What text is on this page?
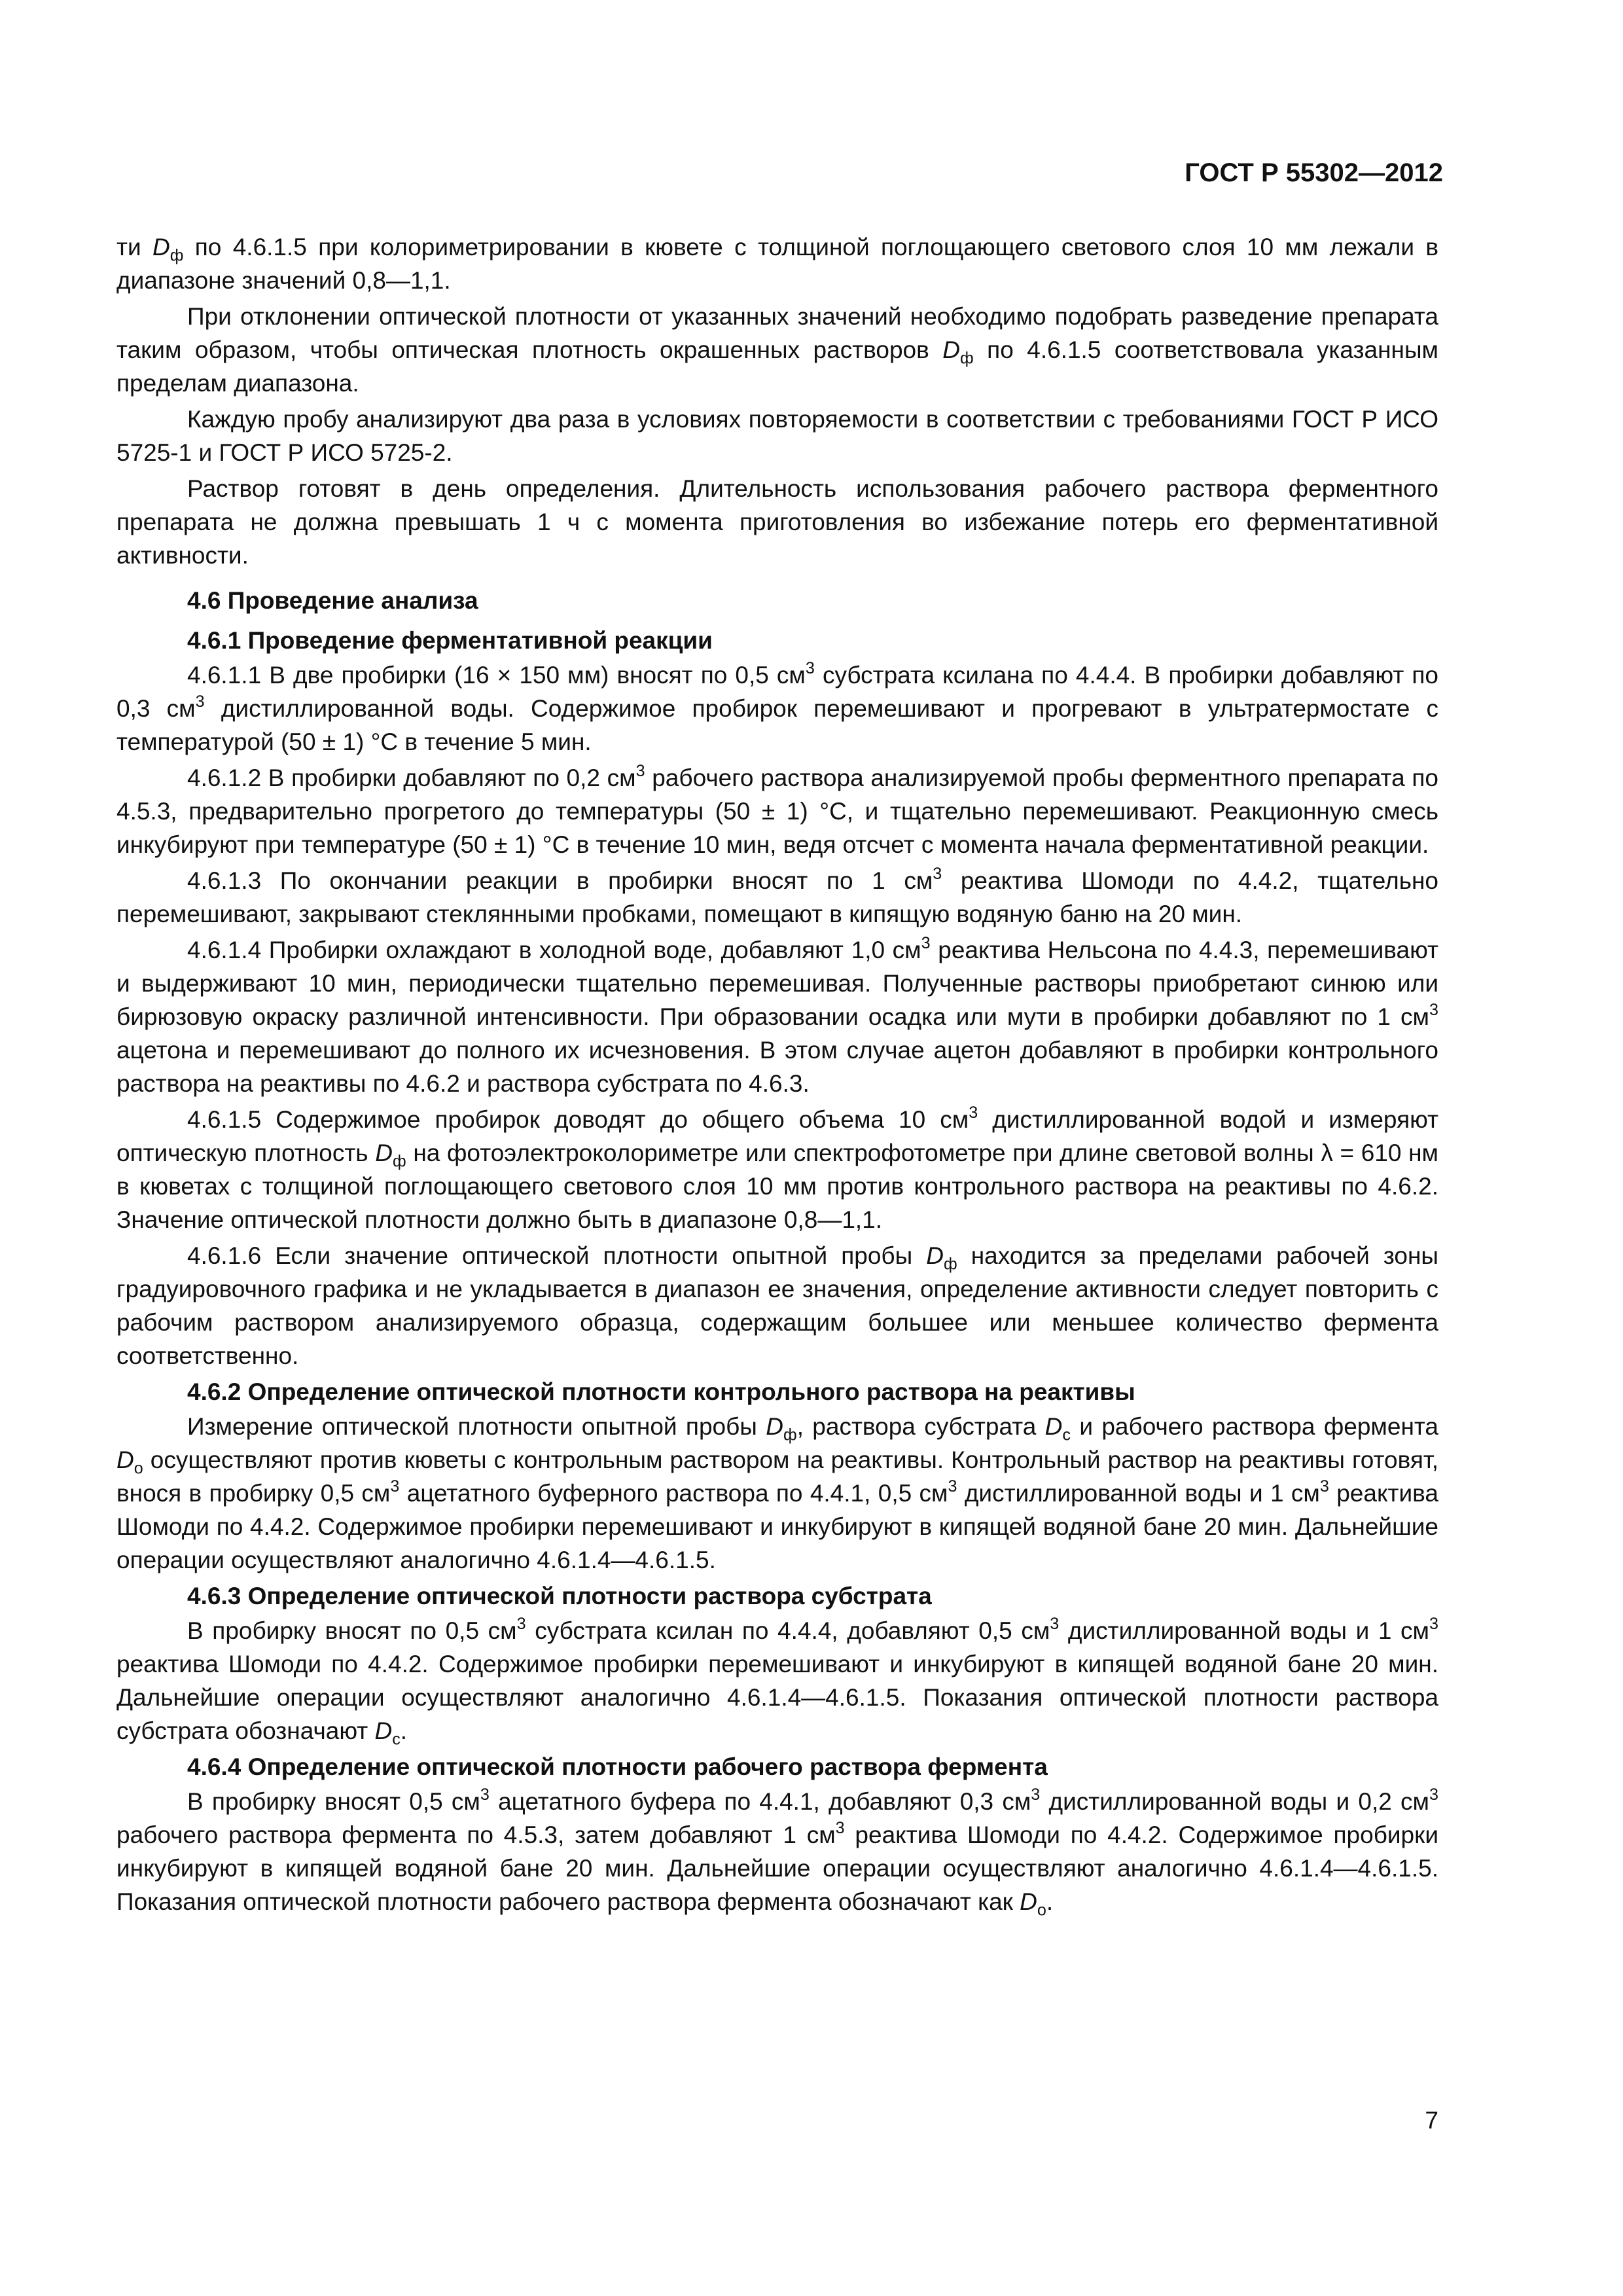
ГОСТ Р 55302—2012

ти $D_ф$ по 4.6.1.5 при колориметрировании в кювете с толщиной поглощающего светового слоя 10 мм лежали в диапазоне значений 0,8—1,1.

При отклонении оптической плотности от указанных значений необходимо подобрать разведение препарата таким образом, чтобы оптическая плотность окрашенных растворов $D_ф$ по 4.6.1.5 соответствовала указанным пределам диапазона.

Каждую пробу анализируют два раза в условиях повторяемости в соответствии с требованиями ГОСТ Р ИСО 5725-1 и ГОСТ Р ИСО 5725-2.

Раствор готовят в день определения. Длительность использования рабочего раствора ферментного препарата не должна превышать 1 ч с момента приготовления во избежание потерь его ферментативной активности.

4.6 Проведение анализа

4.6.1 Проведение ферментативной реакции

4.6.1.1 В две пробирки (16 × 150 мм) вносят по 0,5 $см^3$ субстрата ксилана по 4.4.4. В пробирки добавляют по 0,3 $см^3$ дистиллированной воды. Содержимое пробирок перемешивают и прогревают в ультратермостате с температурой (50 ± 1) °С в течение 5 мин.

4.6.1.2 В пробирки добавляют по 0,2 $см^3$ рабочего раствора анализируемой пробы ферментного препарата по 4.5.3, предварительно прогретого до температуры (50 ± 1) °С, и тщательно перемешивают. Реакционную смесь инкубируют при температуре (50 ± 1) °С в течение 10 мин, ведя отсчет с момента начала ферментативной реакции.

4.6.1.3 По окончании реакции в пробирки вносят по 1 $см^3$ реактива Шомоди по 4.4.2, тщательно перемешивают, закрывают стеклянными пробками, помещают в кипящую водяную баню на 20 мин.

4.6.1.4 Пробирки охлаждают в холодной воде, добавляют 1,0 $см^3$ реактива Нельсона по 4.4.3, перемешивают и выдерживают 10 мин, периодически тщательно перемешивая. Полученные растворы приобретают синюю или бирюзовую окраску различной интенсивности. При образовании осадка или мути в пробирки добавляют по 1 $см^3$ ацетона и перемешивают до полного их исчезновения. В этом случае ацетон добавляют в пробирки контрольного раствора на реактивы по 4.6.2 и раствора субстрата по 4.6.3.

4.6.1.5 Содержимое пробирок доводят до общего объема 10 $см^3$ дистиллированной водой и измеряют оптическую плотность $D_ф$ на фотоэлектроколориметре или спектрофотометре при длине световой волны λ = 610 нм в кюветах с толщиной поглощающего светового слоя 10 мм против контрольного раствора на реактивы по 4.6.2. Значение оптической плотности должно быть в диапазоне 0,8—1,1.

4.6.1.6 Если значение оптической плотности опытной пробы $D_ф$ находится за пределами рабочей зоны градуировочного графика и не укладывается в диапазон ее значения, определение активности следует повторить с рабочим раствором анализируемого образца, содержащим большее или меньшее количество фермента соответственно.

4.6.2 Определение оптической плотности контрольного раствора на реактивы

Измерение оптической плотности опытной пробы $D_ф$, раствора субстрата $D_c$ и рабочего раствора фермента $D_о$ осуществляют против кюветы с контрольным раствором на реактивы. Контрольный раствор на реактивы готовят, внося в пробирку 0,5 $см^3$ ацетатного буферного раствора по 4.4.1, 0,5 $см^3$ дистиллированной воды и 1 $см^3$ реактива Шомоди по 4.4.2. Содержимое пробирки перемешивают и инкубируют в кипящей водяной бане 20 мин. Дальнейшие операции осуществляют аналогично 4.6.1.4—4.6.1.5.

4.6.3 Определение оптической плотности раствора субстрата

В пробирку вносят по 0,5 $см^3$ субстрата ксилан по 4.4.4, добавляют 0,5 $см^3$ дистиллированной воды и 1 $см^3$ реактива Шомоди по 4.4.2. Содержимое пробирки перемешивают и инкубируют в кипящей водяной бане 20 мин. Дальнейшие операции осуществляют аналогично 4.6.1.4—4.6.1.5. Показания оптической плотности раствора субстрата обозначают $D_c$.

4.6.4 Определение оптической плотности рабочего раствора фермента

В пробирку вносят 0,5 $см^3$ ацетатного буфера по 4.4.1, добавляют 0,3 $см^3$ дистиллированной воды и 0,2 $см^3$ рабочего раствора фермента по 4.5.3, затем добавляют 1 $см^3$ реактива Шомоди по 4.4.2. Содержимое пробирки инкубируют в кипящей водяной бане 20 мин. Дальнейшие операции осуществляют аналогично 4.6.1.4—4.6.1.5. Показания оптической плотности рабочего раствора фермента обозначают как $D_о$.

7
